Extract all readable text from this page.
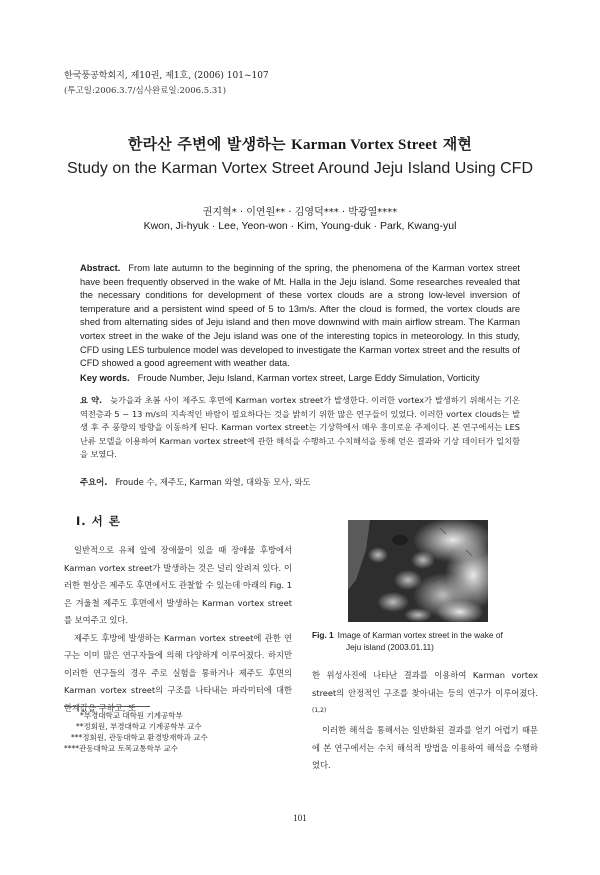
한국풍공학회지, 제10권, 제1호, (2006) 101~107
(투고일:2006.3.7/심사완료일:2006.5.31)
한라산 주변에 발생하는 Karman Vortex Street 재현
Study on the Karman Vortex Street Around Jeju Island Using CFD
권지혁* · 이연원** · 김영덕*** · 박광열****
Kwon, Ji-hyuk · Lee, Yeon-won · Kim, Young-duk · Park, Kwang-yul
Abstract. From late autumn to the beginning of the spring, the phenomena of the Karman vortex street have been frequently observed in the wake of Mt. Halla in the Jeju island. Some researches revealed that the necessary conditions for development of these vortex clouds are a strong low-level inversion of temperature and a persistent wind speed of 5 to 13m/s. After the cloud is formed, the vortex clouds are shed from alternating sides of Jeju island and then move downwind with main airflow stream. The Karman vortex street in the wake of the Jeju island was one of the interesting topics in meteorology. In this study, CFD using LES turbulence model was developed to investigate the Karman vortex street and the results of CFD showed a good agreement with weather data.
Key words. Froude Number, Jeju Island, Karman vortex street, Large Eddy Simulation, Vorticity
요 약. 늦가을과 초봄 사이 제주도 후면에 Karman vortex street가 발생한다. 이러한 vortex가 발생하기 위해서는 기온 역전층과 5 ~ 13 m/s의 지속적인 바람이 필요하다는 것을 밝히기 위한 많은 연구들이 있었다. 이러한 vortex clouds는 발생 후 주 풍향의 방향을 이동하게 된다. Karman vortex street는 기상학에서 매우 흥미로운 주제이다. 본 연구에서는 LES 난류 모델을 이용하여 Karman vortex street에 관한 해석을 수행하고 수치해석을 통해 얻은 결과와 기상 데이터가 일치함을 보였다.
주요어. Froude 수, 제주도, Karman 와열, 대와동 모사, 와도
I. 서 론

일반적으로 유체 앞에 장애물이 있을 때 장애물 후방에서 Karman vortex street가 발생하는 것은 널리 알려져 있다. 이러한 현상은 제주도 후면에서도 관찰할 수 있는데 아래의 Fig. 1은 겨울철 제주도 후면에서 발생하는 Karman vortex street를 보여주고 있다.

제주도 후방에 발생하는 Karman vortex street에 관한 연구는 이미 많은 연구자들에 의해 다양하게 이루어졌다. 하지만 이러한 연구들의 경우 주로 실험을 통하거나 제주도 후면의 Karman vortex street의 구조를 나타내는 파라미터에 대한 한계값을 구하고, 또

*부경대학교 대학원 기계공학부
**정회원, 부경대학교 기계공학부 교수
***정회원, 관동대학교 환경방재학과 교수
****관동대학교 토목교통학부 교수
Fig. 1 Image of Karman vortex street in the wake of
Jeju island (2003.01.11)

한 위성사진에 나타난 결과를 이용하여 Karman vortex street의 안정적인 구조를 찾아내는 등의 연구가 이루어졌다.$^{(1,2)}$

이러한 해석을 통해서는 일반화된 결과를 얻기 어렵기 때문에 본 연구에서는 수치 해석적 방법을 이용하여 해석을 수행하였다.

101
